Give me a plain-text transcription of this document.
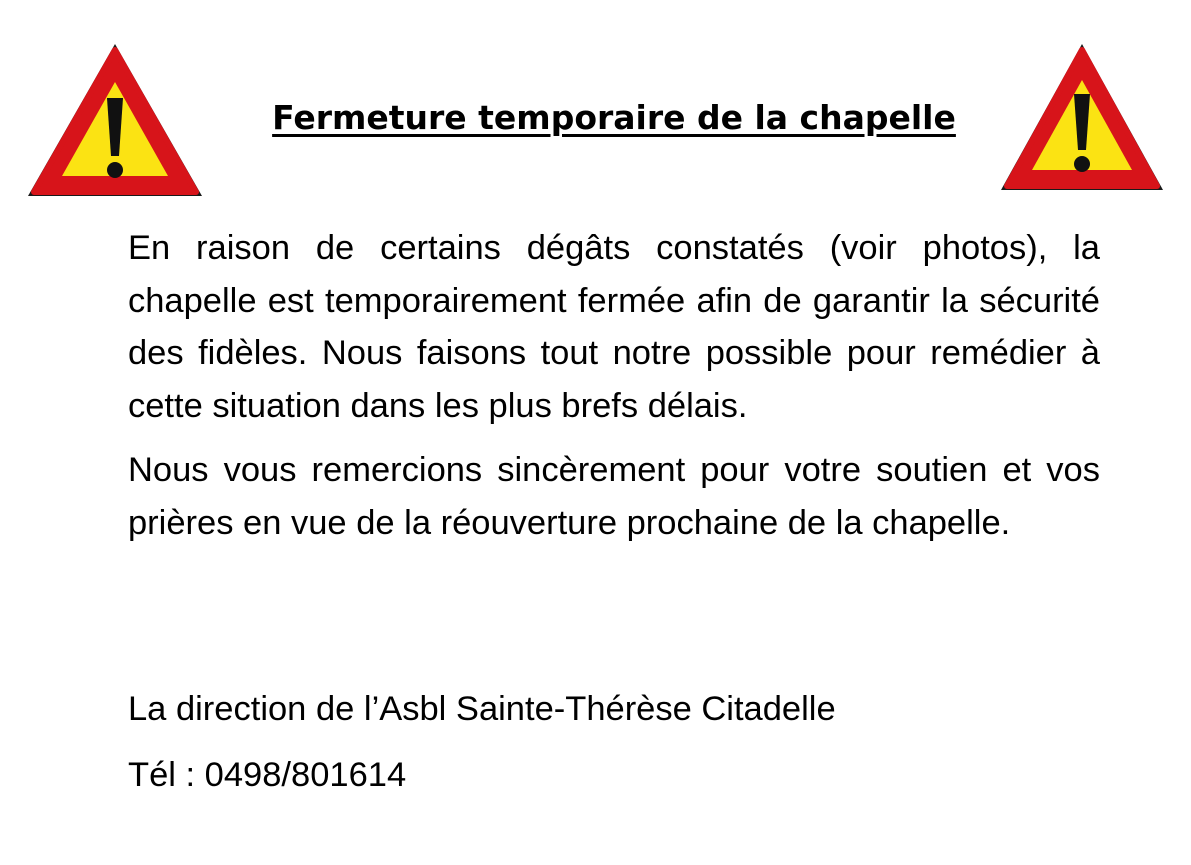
Fermeture temporaire de la chapelle

En raison de certains dégâts constatés (voir photos), la chapelle est temporairement fermée afin de garantir la sécurité des fidèles. Nous faisons tout notre possible pour remédier à cette situation dans les plus brefs délais.

Nous vous remercions sincèrement pour votre soutien et vos prières en vue de la réouverture prochaine de la chapelle.

La direction de l’Asbl Sainte-Thérèse Citadelle

Tél : 0498/801614
